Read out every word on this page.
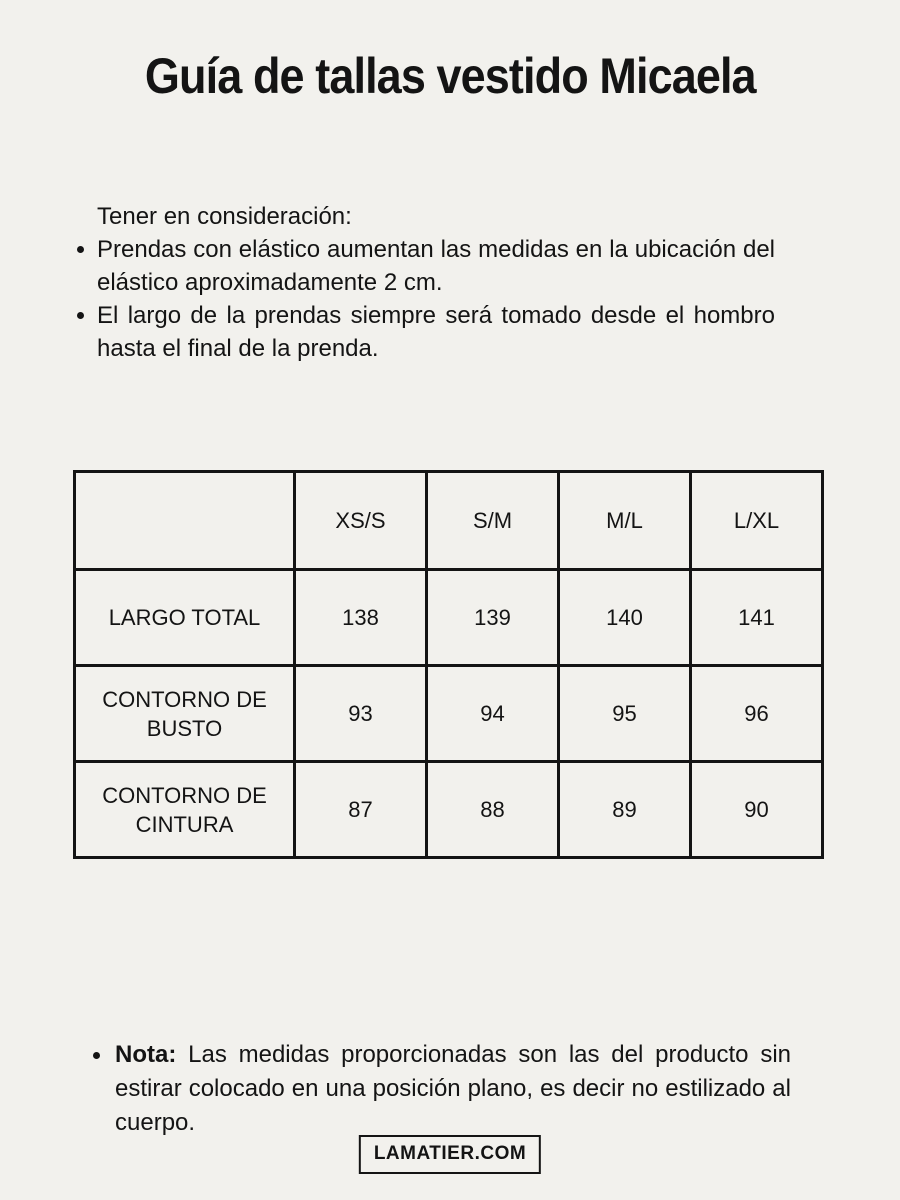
Guía de tallas vestido Micaela

Tener en consideración:

Prendas con elástico aumentan las medidas en la ubicación del elástico aproximadamente 2 cm.
El largo de la prendas siempre será tomado desde el hombro hasta el final de la prenda.
	XS/S	S/M	M/L	L/XL
LARGO TOTAL	138	139	140	141
CONTORNO DE BUSTO	93	94	95	96
CONTORNO DE CINTURA	87	88	89	90

Nota: Las medidas proporcionadas son las del producto sin estirar colocado en una posición plano, es decir no estilizado al cuerpo.

LAMATIER.COM
